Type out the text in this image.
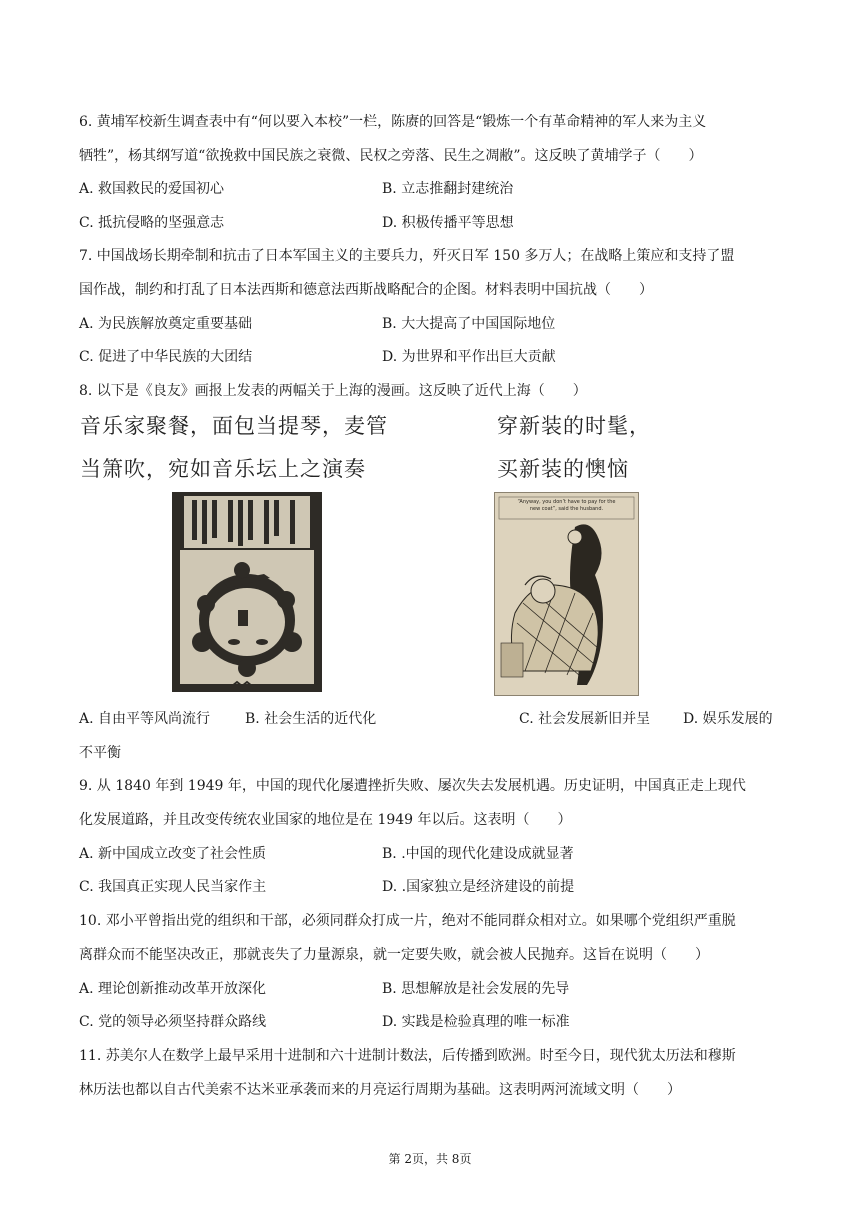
6. 黄埔军校新生调查表中有“何以要入本校”一栏，陈赓的回答是“锻炼一个有革命精神的军人来为主义
牺牲”，杨其纲写道“欲挽救中国民族之衰微、民权之旁落、民生之凋敝”。这反映了黄埔学子（　　）
A. 救国救民的爱国初心	B. 立志推翻封建统治
C. 抵抗侵略的坚强意志	D. 积极传播平等思想
7. 中国战场长期牵制和抗击了日本军国主义的主要兵力，歼灭日军 150 多万人；在战略上策应和支持了盟
国作战，制约和打乱了日本法西斯和德意法西斯战略配合的企图。材料表明中国抗战（　　）
A. 为民族解放奠定重要基础	B. 大大提高了中国国际地位
C. 促进了中华民族的大团结	D. 为世界和平作出巨大贡献
8. 以下是《良友》画报上发表的两幅关于上海的漫画。这反映了近代上海（　　）
音乐家聚餐，面包当提琴，麦管
当箫吹，宛如音乐坛上之演奏
穿新装的时髦，
买新装的懊恼
“Anyway, you don’t have to pay for the
new coat”, said the husband.
A. 自由平等风尚流行 B. 社会生活的近代化	C. 社会发展新旧并呈 D. 娱乐发展的
不平衡
9. 从 1840 年到 1949 年，中国的现代化屡遭挫折失败、屡次失去发展机遇。历史证明，中国真正走上现代
化发展道路，并且改变传统农业国家的地位是在 1949 年以后。这表明（　　）
A. 新中国成立改变了社会性质	B. .中国的现代化建设成就显著
C. 我国真正实现人民当家作主	D. .国家独立是经济建设的前提
10. 邓小平曾指出党的组织和干部，必须同群众打成一片，绝对不能同群众相对立。如果哪个党组织严重脱
离群众而不能坚决改正，那就丧失了力量源泉，就一定要失败，就会被人民抛弃。这旨在说明（　　）
A. 理论创新推动改革开放深化	B. 思想解放是社会发展的先导
C. 党的领导必须坚持群众路线	D. 实践是检验真理的唯一标准
11. 苏美尔人在数学上最早采用十进制和六十进制计数法，后传播到欧洲。时至今日，现代犹太历法和穆斯
林历法也都以自古代美索不达米亚承袭而来的月亮运行周期为基础。这表明两河流域文明（　　）
第 2页，共 8页
